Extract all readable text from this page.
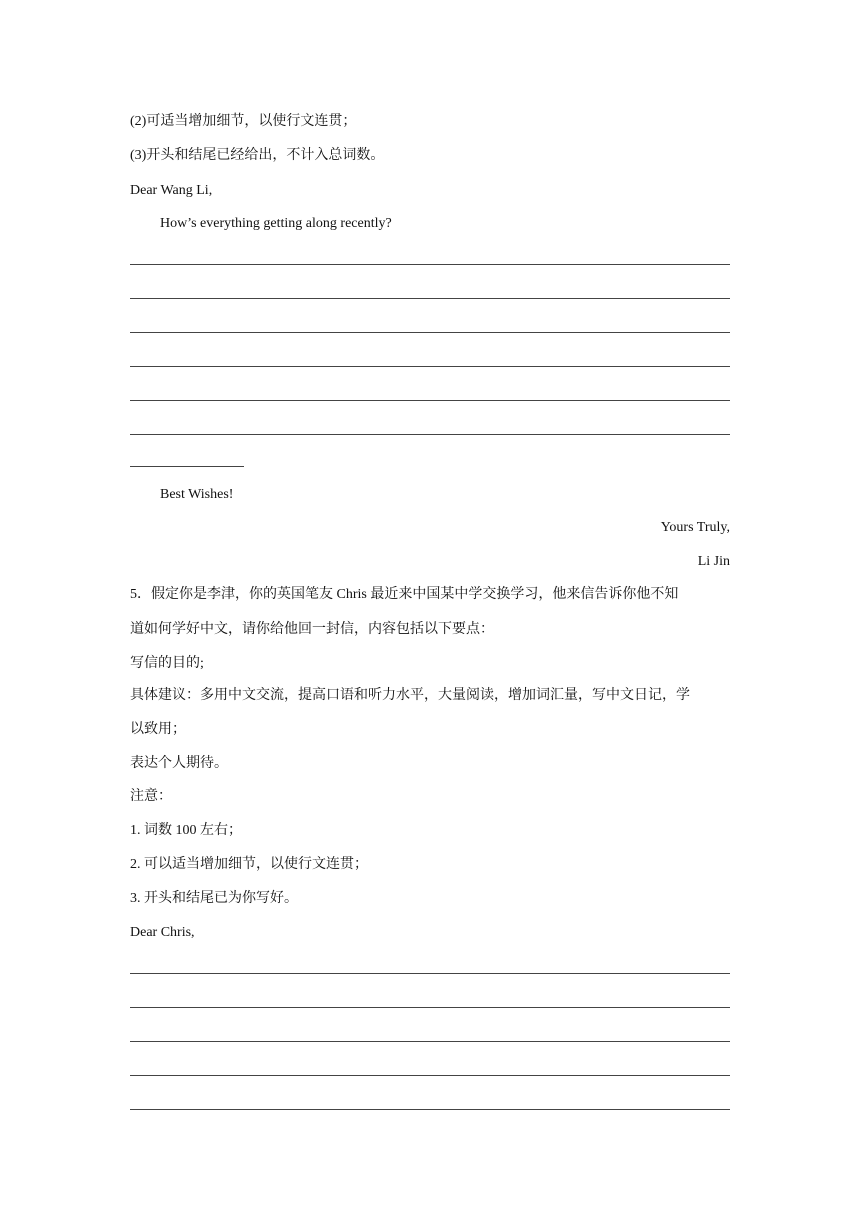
(2)可适当增加细节，以使行文连贯；
(3)开头和结尾已经给出，不计入总词数。
Dear Wang Li,
How’s everything getting along recently?
Best Wishes!
Yours Truly,
Li Jin
5．假定你是李津，你的英国笔友 Chris 最近来中国某中学交换学习，他来信告诉你他不知
道如何学好中文，请你给他回一封信，内容包括以下要点：
写信的目的;
具体建议：多用中文交流，提高口语和听力水平，大量阅读，增加词汇量，写中文日记，学
以致用；
表达个人期待。
注意：
1. 词数 100 左右；
2. 可以适当增加细节，以使行文连贯；
3. 开头和结尾已为你写好。
Dear Chris,
